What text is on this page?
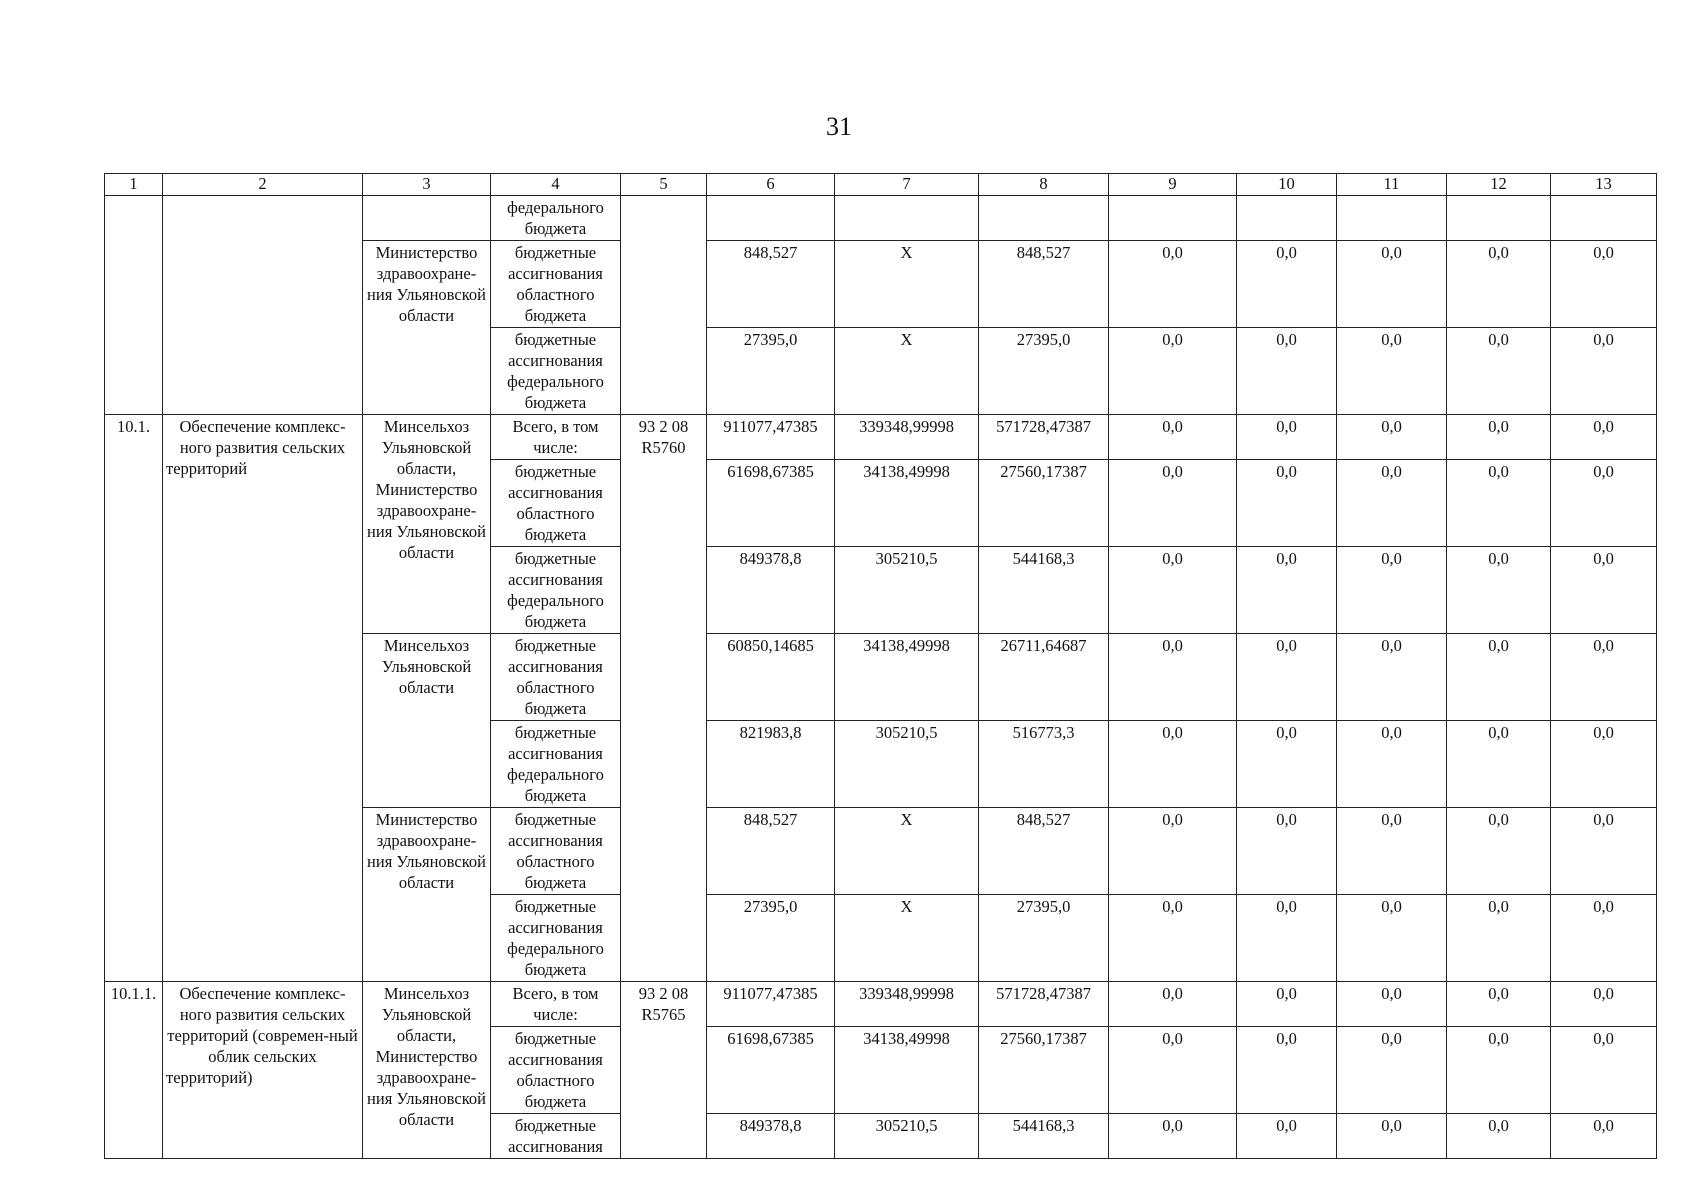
31
1	2	3	4	5	6	7	8	9	10	11	12	13
			федерального бюджета									
		Министерство здравоохране-ния Ульяновской области	бюджетные ассигнования областного бюджета		848,527	X	848,527	0,0	0,0	0,0	0,0	0,0
			бюджетные ассигнования федерального бюджета		27395,0	X	27395,0	0,0	0,0	0,0	0,0	0,0
10.1.	Обеспечение комплекс-ного развития сельских территорий	Минсельхоз Ульяновской области, Министерство здравоохране-ния Ульяновской области	Всего, в том числе:	93 2 08 R5760	911077,47385	339348,99998	571728,47387	0,0	0,0	0,0	0,0	0,0
			бюджетные ассигнования областного бюджета		61698,67385	34138,49998	27560,17387	0,0	0,0	0,0	0,0	0,0
			бюджетные ассигнования федерального бюджета		849378,8	305210,5	544168,3	0,0	0,0	0,0	0,0	0,0
		Минсельхоз Ульяновской области	бюджетные ассигнования областного бюджета		60850,14685	34138,49998	26711,64687	0,0	0,0	0,0	0,0	0,0
			бюджетные ассигнования федерального бюджета		821983,8	305210,5	516773,3	0,0	0,0	0,0	0,0	0,0
		Министерство здравоохране-ния Ульяновской области	бюджетные ассигнования областного бюджета		848,527	X	848,527	0,0	0,0	0,0	0,0	0,0
			бюджетные ассигнования федерального бюджета		27395,0	X	27395,0	0,0	0,0	0,0	0,0	0,0
10.1.1.	Обеспечение комплекс-ного развития сельских территорий (современ-ный облик сельских территорий)	Минсельхоз Ульяновской области, Министерство здравоохране-ния Ульяновской области	Всего, в том числе:	93 2 08 R5765	911077,47385	339348,99998	571728,47387	0,0	0,0	0,0	0,0	0,0
			бюджетные ассигнования областного бюджета		61698,67385	34138,49998	27560,17387	0,0	0,0	0,0	0,0	0,0
			бюджетные ассигнования		849378,8	305210,5	544168,3	0,0	0,0	0,0	0,0	0,0
